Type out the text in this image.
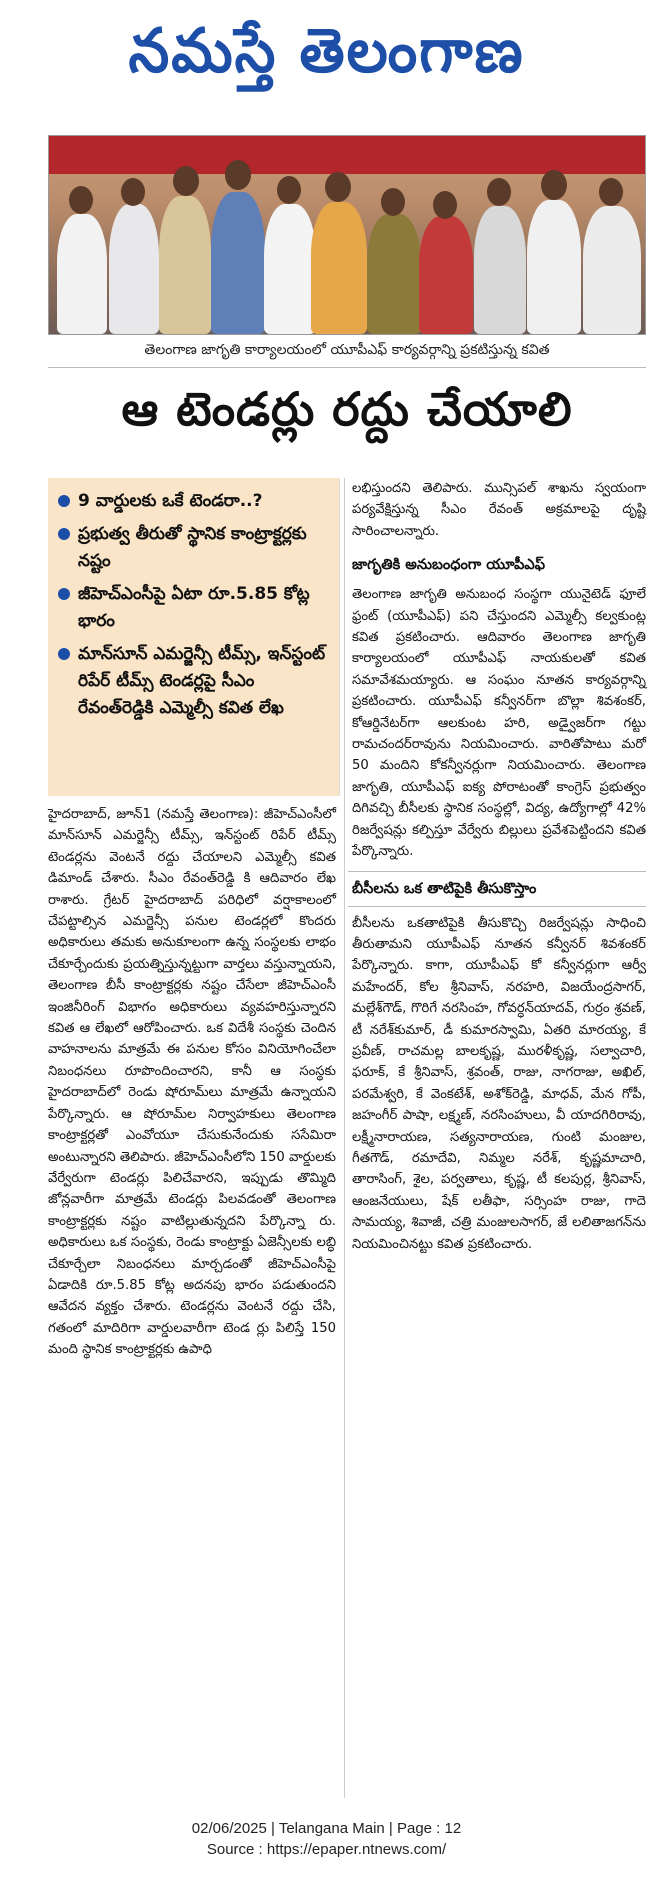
నమస్తే తెలంగాణ
తెలంగాణ జాగృతి కార్యాలయంలో యూపీఎఫ్ కార్యవర్గాన్ని ప్రకటిస్తున్న కవిత
ఆ టెండర్లు రద్దు చేయాలి
9 వార్డులకు ఒకే టెండరా..?
ప్రభుత్వ తీరుతో స్థానిక కాంట్రాక్టర్లకు నష్టం
జీహెచ్ఎంసీపై ఏటా రూ.5.85 కోట్ల భారం
మాన్‌సూన్ ఎమర్జెన్సీ టీమ్స్, ఇన్‌స్టంట్ రిపేర్ టీమ్స్ టెండర్లపై సీఎం రేవంత్‌రెడ్డికి ఎమ్మెల్సీ కవిత లేఖ

హైదరాబాద్, జూన్1 (నమస్తే తెలంగాణ): జీహెచ్ఎంసీలో మాన్‌సూన్ ఎమర్జెన్సీ టీమ్స్, ఇన్‌స్టంట్ రిపేర్ టీమ్స్ టెండర్లను వెంటనే రద్దు చేయాలని ఎమ్మెల్సీ కవిత డిమాండ్ చేశారు. సీఎం రేవంత్‌రెడ్డి కి ఆదివారం లేఖ రాశారు. గ్రేటర్ హైదరాబాద్ పరిధిలో వర్షాకాలంలో చేపట్టాల్సిన ఎమర్జెన్సీ పనుల టెండర్లలో కొందరు అధికారులు తమకు అనుకూలంగా ఉన్న సంస్థలకు లాభం చేకూర్చేందుకు ప్రయత్నిస్తున్నట్టుగా వార్తలు వస్తున్నాయని, తెలంగాణ బీసీ కాంట్రాక్టర్లకు నష్టం చేసేలా జీహెచ్ఎంసీ ఇంజినీరింగ్ విభాగం అధికారులు వ్యవహరిస్తున్నారని కవిత ఆ లేఖలో ఆరోపించారు. ఒక విదేశీ సంస్థకు చెందిన వాహనాలను మాత్రమే ఈ పనుల కోసం వినియోగించేలా నిబంధనలు రూపొందించారని, కానీ ఆ సంస్థకు హైదరాబాద్‌లో రెండు షోరూమ్‌లు మాత్రమే ఉన్నాయని పేర్కొన్నారు. ఆ షోరూమ్‌ల నిర్వాహకులు తెలంగాణ కాంట్రాక్టర్లతో ఎంవోయూ చేసుకునేందుకు ససేమిరా అంటున్నారని తెలిపారు. జీహెచ్ఎంసీలోని 150 వార్డులకు వేర్వేరుగా టెండర్లు పిలిచేవారని, ఇప్పుడు తొమ్మిది జోన్లవారీగా మాత్రమే టెండర్లు పిలవడంతో తెలంగాణ కాంట్రాక్టర్లకు నష్టం వాటిల్లుతున్నదని పేర్కొన్నా రు. అధికారులు ఒక సంస్థకు, రెండు కాంట్రాక్టు ఏజెన్సీలకు లబ్ధి చేకూర్చేలా నిబంధనలు మార్చడంతో జీహెచ్ఎంసీపై ఏడాదికి రూ.5.85 కోట్ల అదనపు భారం పడుతుందని ఆవేదన వ్యక్తం చేశారు. టెండర్లను వెంటనే రద్దు చేసి, గతంలో మాదిరిగా వార్డులవారీగా టెండ ర్లు పిలిస్తే 150 మంది స్థానిక కాంట్రాక్టర్లకు ఉపాధి

లభిస్తుందని తెలిపారు. మున్సిపల్ శాఖను స్వయంగా పర్యవేక్షిస్తున్న సీఎం రేవంత్ అక్రమాలపై దృష్టి సారించాలన్నారు.

జాగృతికి అనుబంధంగా యూపీఎఫ్

తెలంగాణ జాగృతి అనుబంధ సంస్థగా యునైటెడ్ ఫూలే ఫ్రంట్ (యూపీఎఫ్) పని చేస్తుందని ఎమ్మెల్సీ కల్వకుంట్ల కవిత ప్రకటించారు. ఆదివారం తెలంగాణ జాగృతి కార్యాలయంలో యూపీఎఫ్ నాయకులతో కవిత సమావేశమయ్యారు. ఆ సంఘం నూతన కార్యవర్గాన్ని ప్రకటించారు. యూపీఎఫ్ కన్వీనర్‌గా బొల్లా శివశంకర్, కోఆర్డినేటర్‌గా ఆలకుంట హరి, అడ్వైజర్‌గా గట్టు రామచందర్‌రావును నియమించారు. వారితోపాటు మరో 50 మందిని కోకన్వీనర్లుగా నియమించారు. తెలంగాణ జాగృతి, యూపీఎఫ్ ఐక్య పోరాటంతో కాంగ్రెస్ ప్రభుత్వం దిగివచ్చి బీసీలకు స్థానిక సంస్థల్లో, విద్య, ఉద్యోగాల్లో 42% రిజర్వేషన్లు కల్పిస్తూ వేర్వేరు బిల్లులు ప్రవేశపెట్టిందని కవిత పేర్కొన్నారు.

బీసీలను ఒక తాటిపైకి తీసుకొస్తాం

బీసీలను ఒకతాటిపైకి తీసుకొచ్చి రిజర్వేషన్లు సాధించి తీరుతామని యూపీఎఫ్ నూతన కన్వీనర్ శివశంకర్ పేర్కొన్నారు. కాగా, యూపీఎఫ్ కో కన్వీనర్లుగా ఆర్వీ మహేందర్, కోల శ్రీనివాస్, నరహరి, విజయేంద్రసాగర్, మల్లేశ్‌గౌడ్, గొరిగే నరసింహ, గోవర్ధన్‌యాదవ్, గుర్రం శ్రవణ్, టీ నరేశ్‌కుమార్, డీ కుమారస్వామి, ఏతరి మారయ్య, కే ప్రవీణ్, రాచమల్ల బాలకృష్ణ, మురళీకృష్ణ, సల్వాచారి, ఫరూక్, కే శ్రీనివాస్, శ్రవంత్, రాజు, నాగరాజు, అఖిల్, పరమేశ్వరి, కే వెంకటేశ్, అశోక్‌రెడ్డి, మాధవ్, మేన గోపీ, జహంగీర్ పాషా, లక్ష్మణ్, నరసింహులు, వీ యాదగిరిరావు, లక్ష్మీనారాయణ, సత్యనారాయణ, గుంటి మంజుల, గీతగౌడ్, రమాదేవి, నిమ్మల నరేశ్, కృష్ణమాచారి, తారాసింగ్, శైల, పర్వతాలు, కృష్ణ, టీ కలపుర్ల, శ్రీనివాస్, ఆంజనేయులు, షేక్ లతీఫా, సర్సింహ రాజు, గాదె సామయ్య, శివాజీ, చత్రి మంజులసాగర్, జే లలితాజగన్‌ను నియమించినట్టు కవిత ప్రకటించారు.

02/06/2025 | Telangana Main | Page : 12
Source : https://epaper.ntnews.com/
